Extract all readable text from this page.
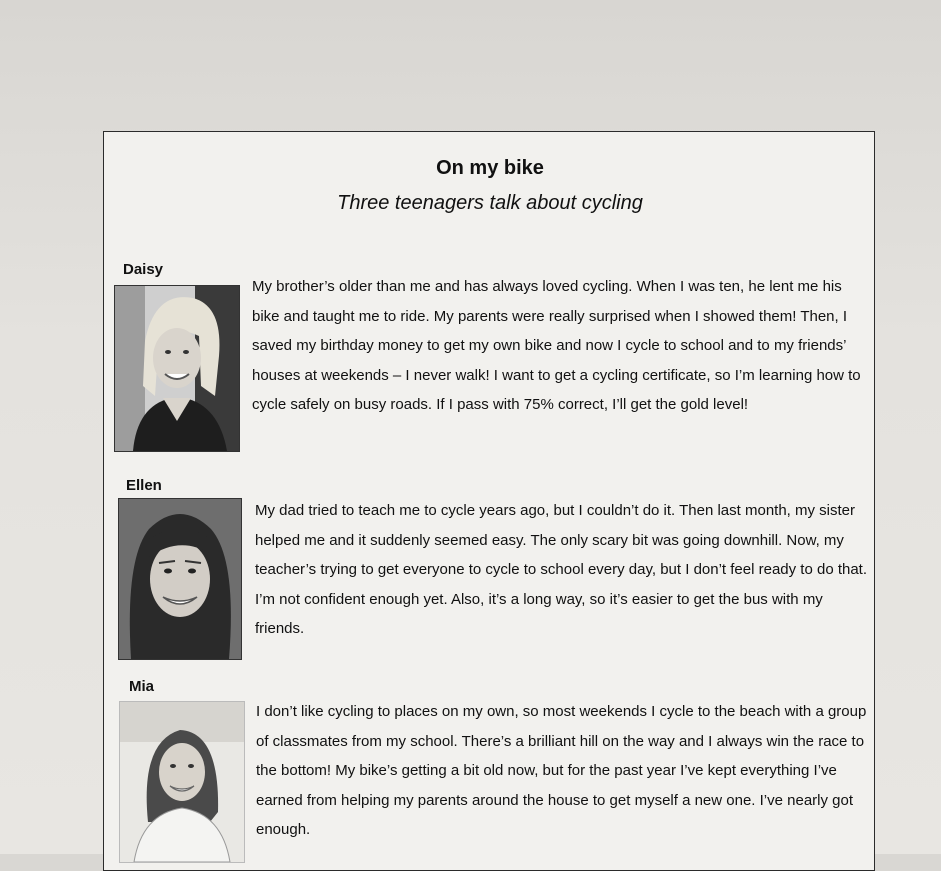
On my bike
Three teenagers talk about cycling
Daisy

My brother’s older than me and has always loved cycling. When I was ten, he lent me his bike and taught me to ride. My parents were really surprised when I showed them! Then, I saved my birthday money to get my own bike and now I cycle to school and to my friends’ houses at weekends – I never walk! I want to get a cycling certificate, so I’m learning how to cycle safely on busy roads. If I pass with 75% correct, I’ll get the gold level!

Ellen

My dad tried to teach me to cycle years ago, but I couldn’t do it. Then last month, my sister helped me and it suddenly seemed easy. The only scary bit was going downhill. Now, my teacher’s trying to get everyone to cycle to school every day, but I don’t feel ready to do that. I’m not confident enough yet. Also, it’s a long way, so it’s easier to get the bus with my friends.

Mia

I don’t like cycling to places on my own, so most weekends I cycle to the beach with a group of classmates from my school. There’s a brilliant hill on the way and I always win the race to the bottom! My bike’s getting a bit old now, but for the past year I’ve kept everything I’ve earned from helping my parents around the house to get myself a new one. I’ve nearly got enough.
